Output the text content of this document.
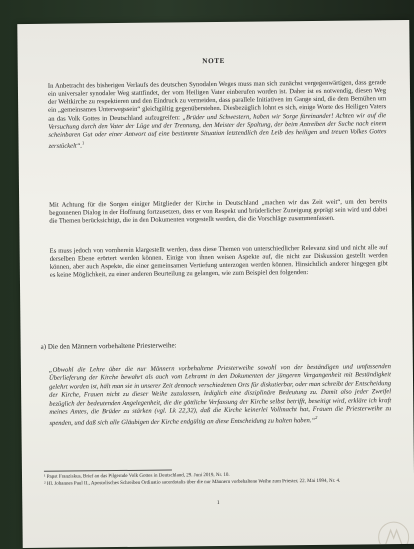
NOTE
In Anbetracht des bisherigen Verlaufs des deutschen Synodalen Weges muss man sich zunächst vergegenwärtigen, dass gerade ein universaler synodaler Weg stattfindet, der vom Heiligen Vater einberufen worden ist. Daher ist es notwendig, diesen Weg der Weltkirche zu respektieren und den Eindruck zu vermeiden, dass parallele Initiativen im Gange sind, die dem Bemühen um ein „gemeinsames Unterwegssein“ gleichgültig gegenüberstehen. Diesbezüglich lohnt es sich, einige Worte des Heiligen Vaters an das Volk Gottes in Deutschland aufzugreifen: „Brüder und Schwestern, haben wir Sorge füreinander! Achten wir auf die Versuchung durch den Vater der Lüge und der Trennung, den Meister der Spaltung, der beim Antreiben der Suche nach einem scheinbaren Gut oder einer Antwort auf eine bestimmte Situation letztendlich den Leib des heiligen und treuen Volkes Gottes zerstückelt“.$^1$
Mit Achtung für die Sorgen einiger Mitglieder der Kirche in Deutschland „machen wir das Zeit weit“, um den bereits begonnenen Dialog in der Hoffnung fortzusetzen, dass er von Respekt und brüderlicher Zuneigung geprägt sein wird und dabei die Themen berücksichtigt, die in den Dokumenten vorgestellt werden, die die Vorschläge zusammenfassen.
Es muss jedoch von vornherein klargestellt werden, dass diese Themen von unterschiedlicher Relevanz sind und nicht alle auf derselben Ebene erörtert werden können. Einige von ihnen weisen Aspekte auf, die nicht zur Diskussion gestellt werden können, aber auch Aspekte, die einer gemeinsamen Vertiefung unterzogen werden können. Hinsichtlich anderer hingegen gibt es keine Möglichkeit, zu einer anderen Beurteilung zu gelangen, wie zum Beispiel den folgenden:
a) Die den Männern vorbehaltene Priesterweihe:
„Obwohl die Lehre über die nur Männern vorbehaltene Priesterweihe sowohl von der beständigen und umfassenden Überlieferung der Kirche bewahrt als auch vom Lehramt in den Dokumenten der jüngeren Vergangenheit mit Beständigkeit gelehrt worden ist, hält man sie in unserer Zeit dennoch verschiedenen Orts für diskutierbar, oder man schreibt der Entscheidung der Kirche, Frauen nicht zu dieser Weihe zuzulassen, lediglich eine disziplinäre Bedeutung zu. Damit also jeder Zweifel bezüglich der bedeutenden Angelegenheit, die die göttliche Verfassung der Kirche selbst betrifft, beseitigt wird, erkläre ich kraft meines Amtes, die Brüder zu stärken (vgl. Lk 22,32), daß die Kirche keinerlei Vollmacht hat, Frauen die Priesterweihe zu spenden, und daß sich alle Gläubigen der Kirche endgültig an diese Entscheidung zu halten haben.“$^2$
¹ Papst Franziskus, Brief an das Pilgernde Volk Gottes in Deutschland, 29. Juni 2019, Nr. 10.
² Hl. Johannes Paul II., Apostolisches Schreiben Ordinatio sacerdotalis über die nur Männern vorbehaltene Weihe zum Priester, 22. Mai 1994, Nr. 4.
1
